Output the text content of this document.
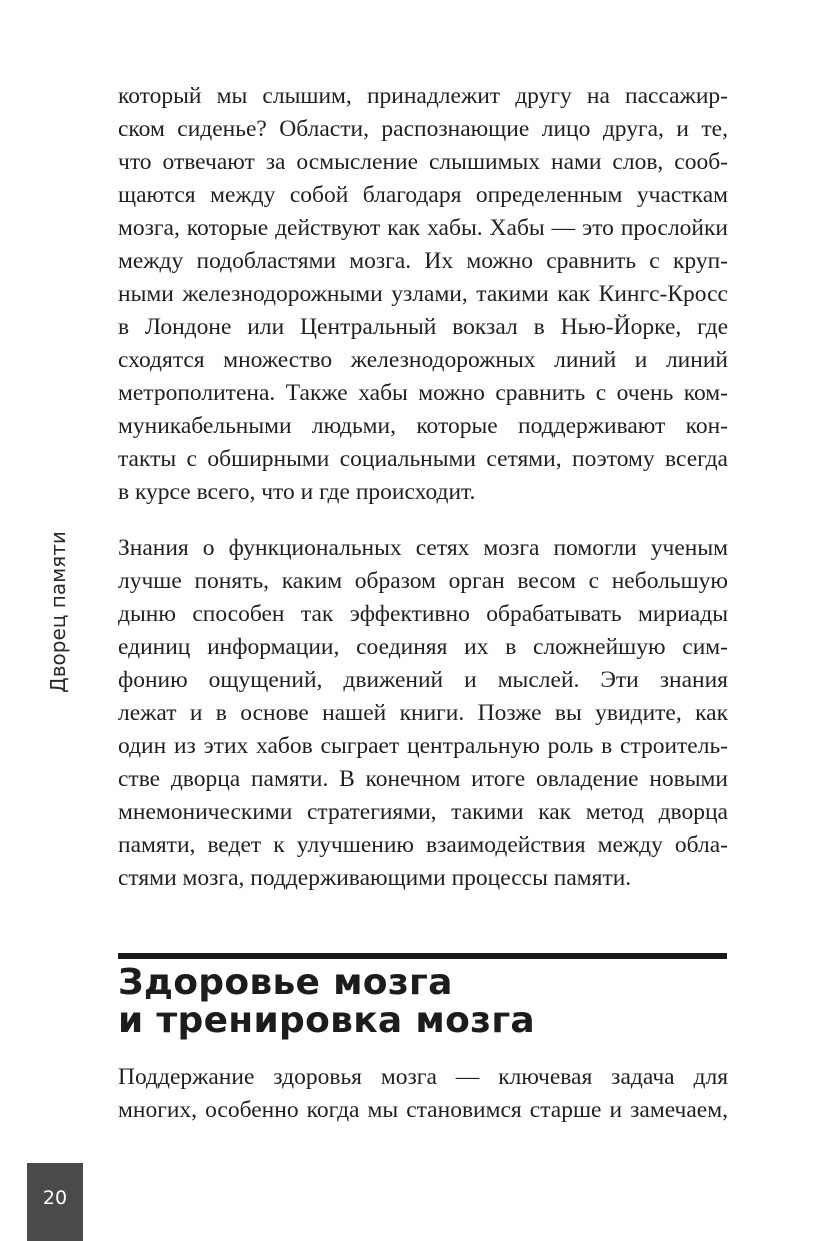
Дворец памяти
который мы слышим, принадлежит другу на пассажир-
ском сиденье? Области, распознающие лицо друга, и те,
что отвечают за осмысление слышимых нами слов, сооб-
щаются между собой благодаря определенным участкам
мозга, которые действуют как хабы. Хабы — это прослойки
между подобластями мозга. Их можно сравнить с круп-
ными железнодорожными узлами, такими как Кингс-Кросс
в Лондоне или Центральный вокзал в Нью-Йорке, где
сходятся множество железнодорожных линий и линий
метрополитена. Также хабы можно сравнить с очень ком-
муникабельными людьми, которые поддерживают кон-
такты с обширными социальными сетями, поэтому всегда
в курсе всего, что и где происходит.
Знания о функциональных сетях мозга помогли ученым
лучше понять, каким образом орган весом с небольшую
дыню способен так эффективно обрабатывать мириады
единиц информации, соединяя их в сложнейшую сим-
фонию ощущений, движений и мыслей. Эти знания
лежат и в основе нашей книги. Позже вы увидите, как
один из этих хабов сыграет центральную роль в строитель-
стве дворца памяти. В конечном итоге овладение новыми
мнемоническими стратегиями, такими как метод дворца
памяти, ведет к улучшению взаимодействия между обла-
стями мозга, поддерживающими процессы памяти.
Здоровье мозга
и тренировка мозга
Поддержание здоровья мозга — ключевая задача для
многих, особенно когда мы становимся старше и замечаем,
20
